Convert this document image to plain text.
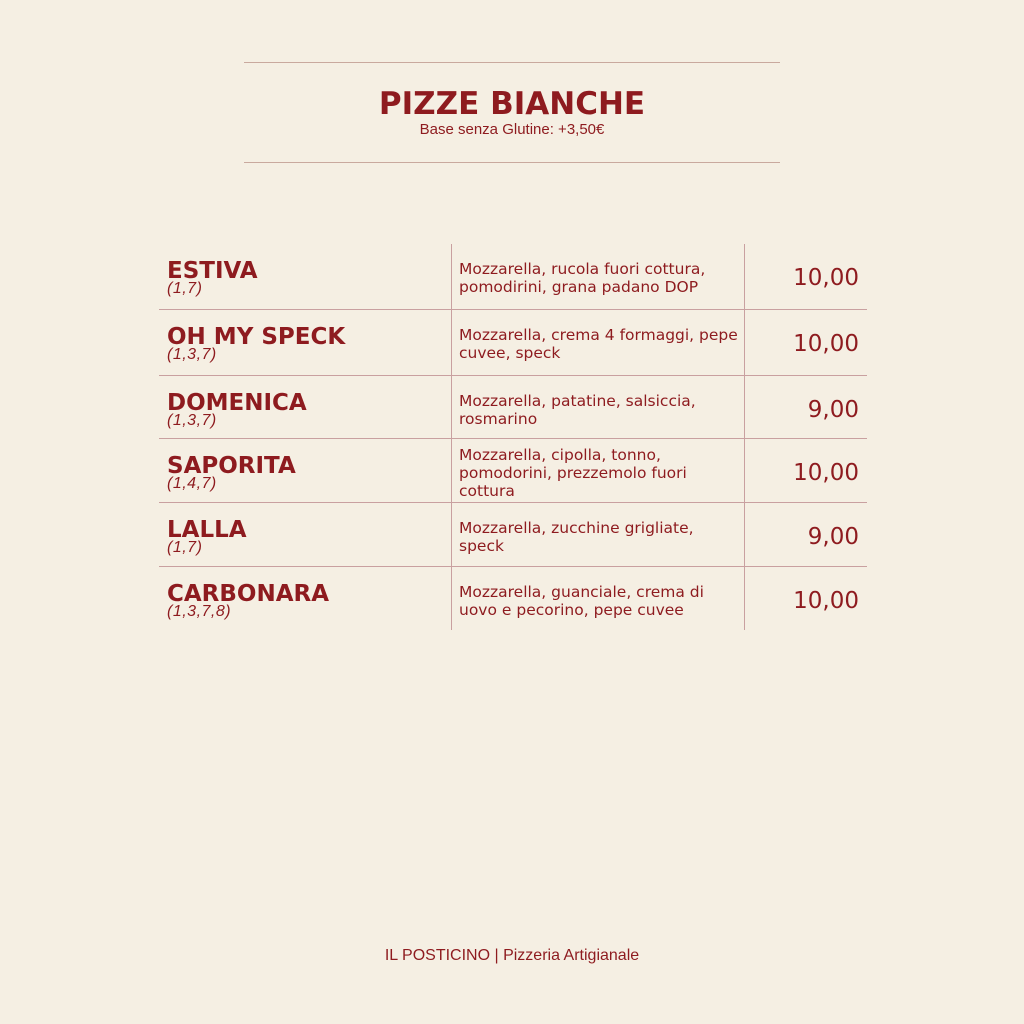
PIZZE BIANCHE
Base senza Glutine: +3,50€
ESTIVA
(1,7)
Mozzarella, rucola fuori cottura, pomodirini, grana padano DOP	10,00
OH MY SPECK
(1,3,7)
Mozzarella, crema 4 formaggi, pepe cuvee, speck	10,00
DOMENICA
(1,3,7)
Mozzarella, patatine, salsiccia, rosmarino	9,00
SAPORITA
(1,4,7)
Mozzarella, cipolla, tonno, pomodorini, prezzemolo fuori cottura
10,00
LALLA
(1,7)
Mozzarella, zucchine grigliate, speck	9,00
CARBONARA
(1,3,7,8)
Mozzarella, guanciale, crema di uovo e pecorino, pepe cuvee	10,00
IL POSTICINO | Pizzeria Artigianale
